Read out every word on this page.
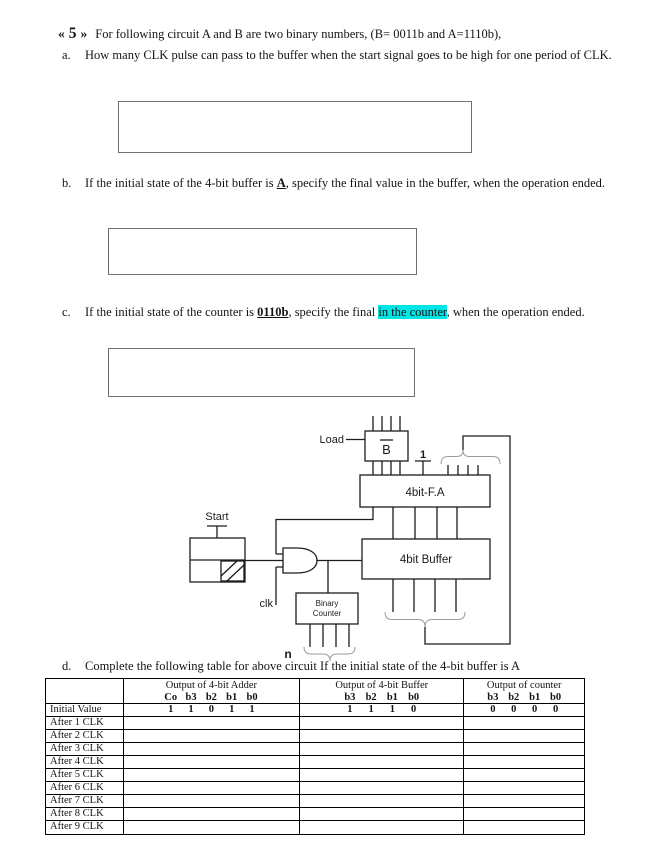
« 5 » For following circuit A and B are two binary numbers, (B= 0011b and A=1110b),
a. How many CLK pulse can pass to the buffer when the start signal goes to be high for one period of CLK.
b. If the initial state of the 4-bit buffer is A, specify the final value in the buffer, when the operation ended.
c. If the initial state of the counter is 0110b, specify the final in the counter, when the operation ended.
Load
B	1
4bit-F.A
Start
4bit Buffer
clk	Binary
Counter
n
d. Complete the following table for above circuit If the initial state of the 4-bit buffer is A
Output of 4-bit Adder
Co b3 b2 b1 b0
Output of 4-bit Buffer
b3 b2 b1 b0
Output of counter
b3 b2 b1 b0
Initial Value	1	1	0	1	1	1	1	1	0	0	0	0	0
After 1 CLK
After 2 CLK
After 3 CLK
After 4 CLK
After 5 CLK
After 6 CLK
After 7 CLK
After 8 CLK
After 9 CLK
